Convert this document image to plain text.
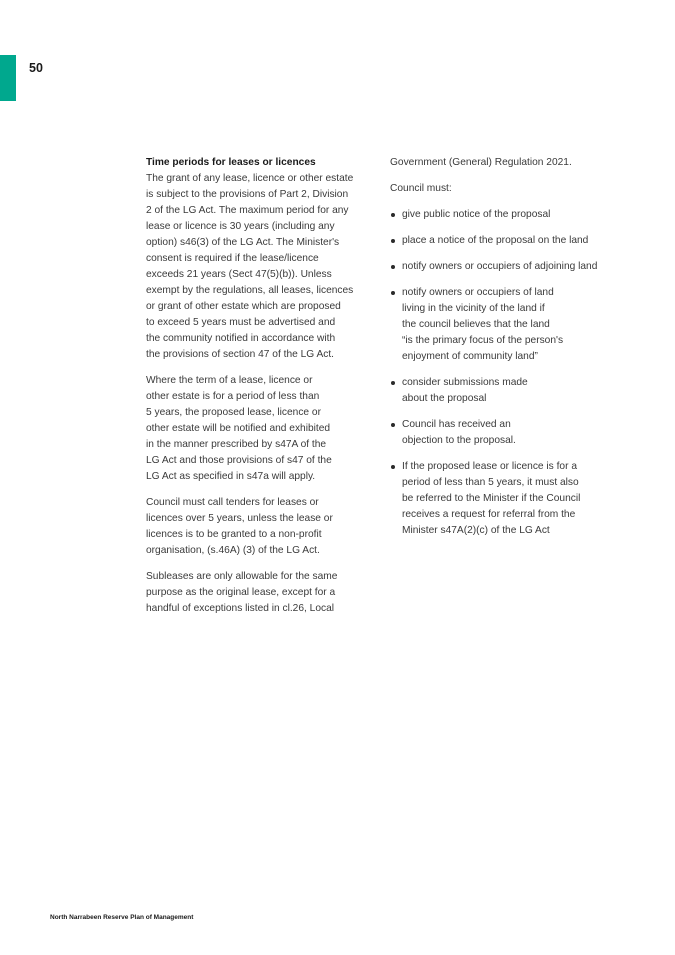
50
Time periods for leases or licences

The grant of any lease, licence or other estate
is subject to the provisions of Part 2, Division
2 of the LG Act. The maximum period for any
lease or licence is 30 years (including any
option) s46(3) of the LG Act. The Minister's
consent is required if the lease/licence
exceeds 21 years (Sect 47(5)(b)). Unless
exempt by the regulations, all leases, licences
or grant of other estate which are proposed
to exceed 5 years must be advertised and
the community notified in accordance with
the provisions of section 47 of the LG Act.

Where the term of a lease, licence or
other estate is for a period of less than
5 years, the proposed lease, licence or
other estate will be notified and exhibited
in the manner prescribed by s47A of the
LG Act and those provisions of s47 of the
LG Act as specified in s47a will apply.

Council must call tenders for leases or
licences over 5 years, unless the lease or
licences is to be granted to a non-profit
organisation, (s.46A) (3) of the LG Act.

Subleases are only allowable for the same
purpose as the original lease, except for a
handful of exceptions listed in cl.26, Local

Government (General) Regulation 2021.

Council must:

give public notice of the proposal
place a notice of the proposal on the land
notify owners or occupiers of adjoining land
notify owners or occupiers of land
living in the vicinity of the land if
the council believes that the land
“is the primary focus of the person's
enjoyment of community land”
consider submissions made
about the proposal
Council has received an
objection to the proposal.
If the proposed lease or licence is for a
period of less than 5 years, it must also
be referred to the Minister if the Council
receives a request for referral from the
Minister s47A(2)(c) of the LG Act
North Narrabeen Reserve Plan of Management
